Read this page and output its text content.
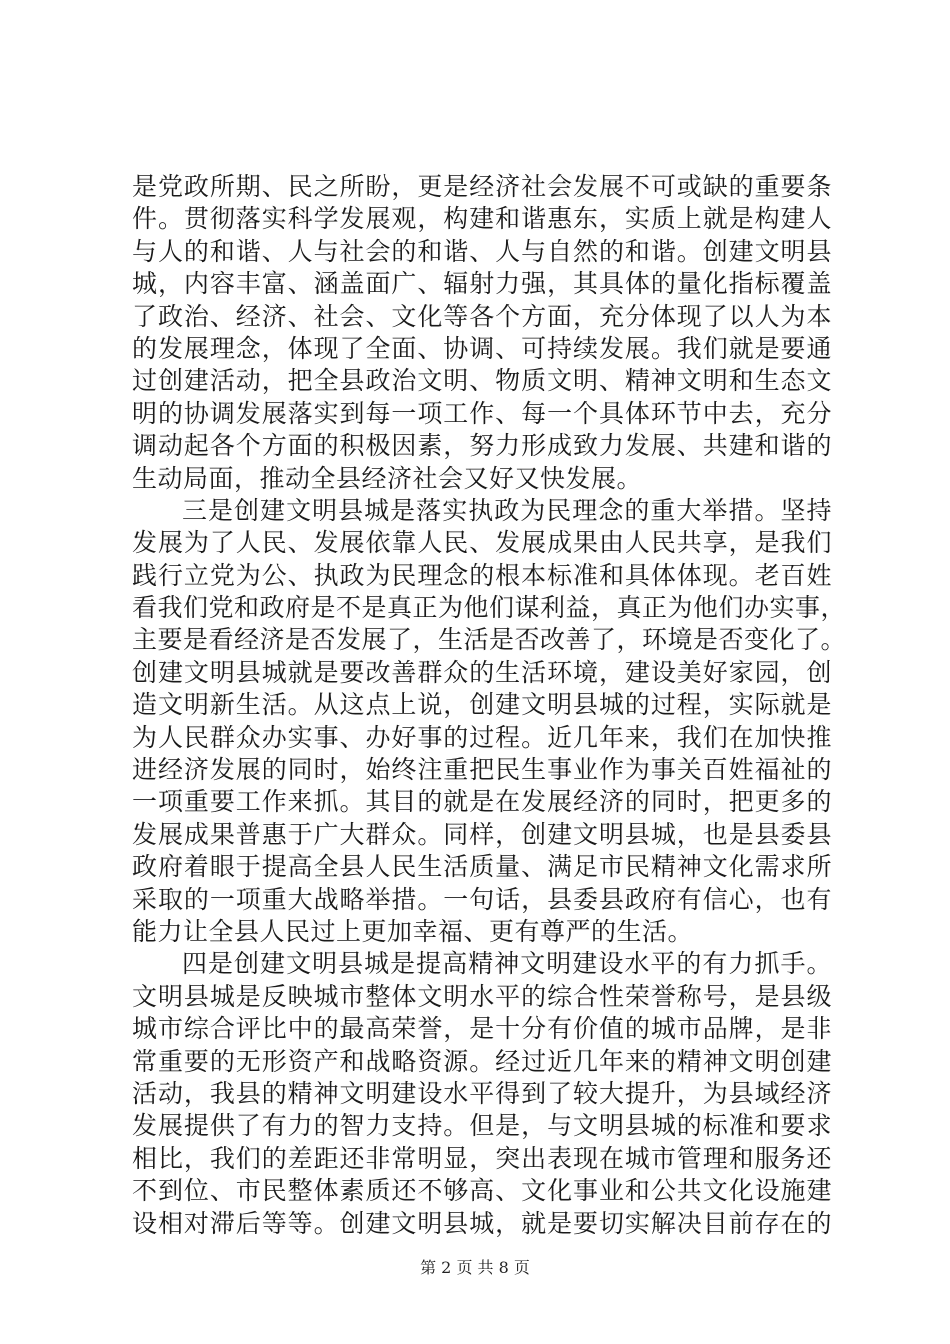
是党政所期、民之所盼，更是经济社会发展不可或缺的重要条
件。贯彻落实科学发展观，构建和谐惠东，实质上就是构建人
与人的和谐、人与社会的和谐、人与自然的和谐。创建文明县
城，内容丰富、涵盖面广、辐射力强，其具体的量化指标覆盖
了政治、经济、社会、文化等各个方面，充分体现了以人为本
的发展理念，体现了全面、协调、可持续发展。我们就是要通
过创建活动，把全县政治文明、物质文明、精神文明和生态文
明的协调发展落实到每一项工作、每一个具体环节中去，充分
调动起各个方面的积极因素，努力形成致力发展、共建和谐的
生动局面，推动全县经济社会又好又快发展。
三是创建文明县城是落实执政为民理念的重大举措。坚持
发展为了人民、发展依靠人民、发展成果由人民共享，是我们
践行立党为公、执政为民理念的根本标准和具体体现。老百姓
看我们党和政府是不是真正为他们谋利益，真正为他们办实事，
主要是看经济是否发展了，生活是否改善了，环境是否变化了。
创建文明县城就是要改善群众的生活环境，建设美好家园，创
造文明新生活。从这点上说，创建文明县城的过程，实际就是
为人民群众办实事、办好事的过程。近几年来，我们在加快推
进经济发展的同时，始终注重把民生事业作为事关百姓福祉的
一项重要工作来抓。其目的就是在发展经济的同时，把更多的
发展成果普惠于广大群众。同样，创建文明县城，也是县委县
政府着眼于提高全县人民生活质量、满足市民精神文化需求所
采取的一项重大战略举措。一句话，县委县政府有信心，也有
能力让全县人民过上更加幸福、更有尊严的生活。
四是创建文明县城是提高精神文明建设水平的有力抓手。
文明县城是反映城市整体文明水平的综合性荣誉称号，是县级
城市综合评比中的最高荣誉，是十分有价值的城市品牌，是非
常重要的无形资产和战略资源。经过近几年来的精神文明创建
活动，我县的精神文明建设水平得到了较大提升，为县域经济
发展提供了有力的智力支持。但是，与文明县城的标准和要求
相比，我们的差距还非常明显，突出表现在城市管理和服务还
不到位、市民整体素质还不够高、文化事业和公共文化设施建
设相对滞后等等。创建文明县城，就是要切实解决目前存在的
第 2 页 共 8 页
